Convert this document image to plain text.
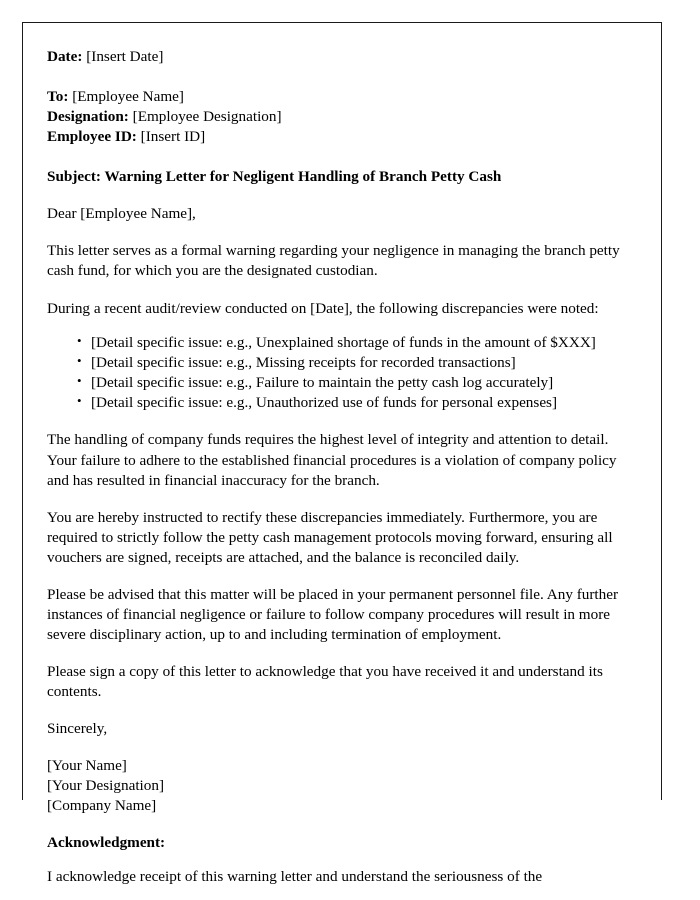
Date: [Insert Date]

To: [Employee Name]

Designation: [Employee Designation]

Employee ID: [Insert ID]

Subject: Warning Letter for Negligent Handling of Branch Petty Cash

Dear [Employee Name],

This letter serves as a formal warning regarding your negligence in managing the branch petty cash fund, for which you are the designated custodian.

During a recent audit/review conducted on [Date], the following discrepancies were noted:

• [Detail specific issue: e.g., Unexplained shortage of funds in the amount of $XXX]
• [Detail specific issue: e.g., Missing receipts for recorded transactions]
• [Detail specific issue: e.g., Failure to maintain the petty cash log accurately]
• [Detail specific issue: e.g., Unauthorized use of funds for personal expenses]

The handling of company funds requires the highest level of integrity and attention to detail. Your failure to adhere to the established financial procedures is a violation of company policy and has resulted in financial inaccuracy for the branch.

You are hereby instructed to rectify these discrepancies immediately. Furthermore, you are required to strictly follow the petty cash management protocols moving forward, ensuring all vouchers are signed, receipts are attached, and the balance is reconciled daily.

Please be advised that this matter will be placed in your permanent personnel file. Any further instances of financial negligence or failure to follow company procedures will result in more severe disciplinary action, up to and including termination of employment.

Please sign a copy of this letter to acknowledge that you have received it and understand its contents.

Sincerely,

[Your Name]

[Your Designation]

[Company Name]

Acknowledgment:

I acknowledge receipt of this warning letter and understand the seriousness of the
